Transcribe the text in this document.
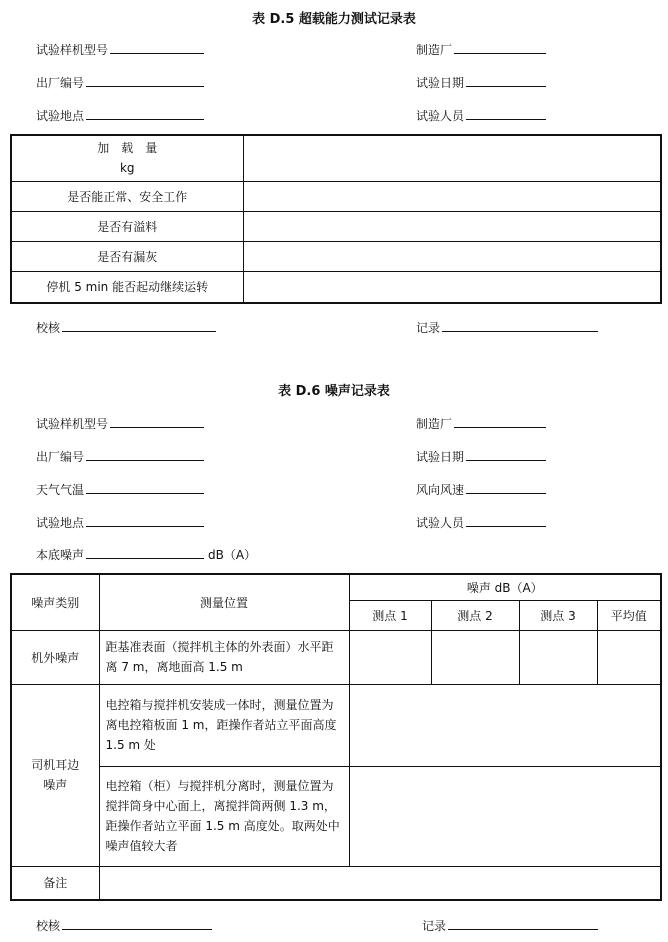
表 D.5 超载能力测试记录表
试验样机型号	制造厂
出厂编号	试验日期
试验地点	试验人员
加　载　量
kg	

是否能正常、安全工作	
是否有溢料	
是否有漏灰	
停机 5 min 能否起动继续运转	
校核	记录
表 D.6 噪声记录表
试验样机型号	制造厂
出厂编号	试验日期
天气气温	风向风速
试验地点	试验人员
本底噪声	dB（A）
噪声类别	测量位置	噪声 dB（A）			
		测点 1	测点 2	测点 3	平均值
机外噪声	距基准表面（搅拌机主体的外表面）水平距离 7 m，离地面高 1.5 m				

司机耳边
噪声	电控箱与搅拌机安装成一体时，测量位置为离电控箱板面 1 m，距操作者站立平面高度 1.5 m 处				
	电控箱（柜）与搅拌机分离时，测量位置为搅拌筒身中心面上，离搅拌筒两侧 1.3 m，距操作者站立平面 1.5 m 高度处。取两处中噪声值较大者				
备注					
校核	记录
